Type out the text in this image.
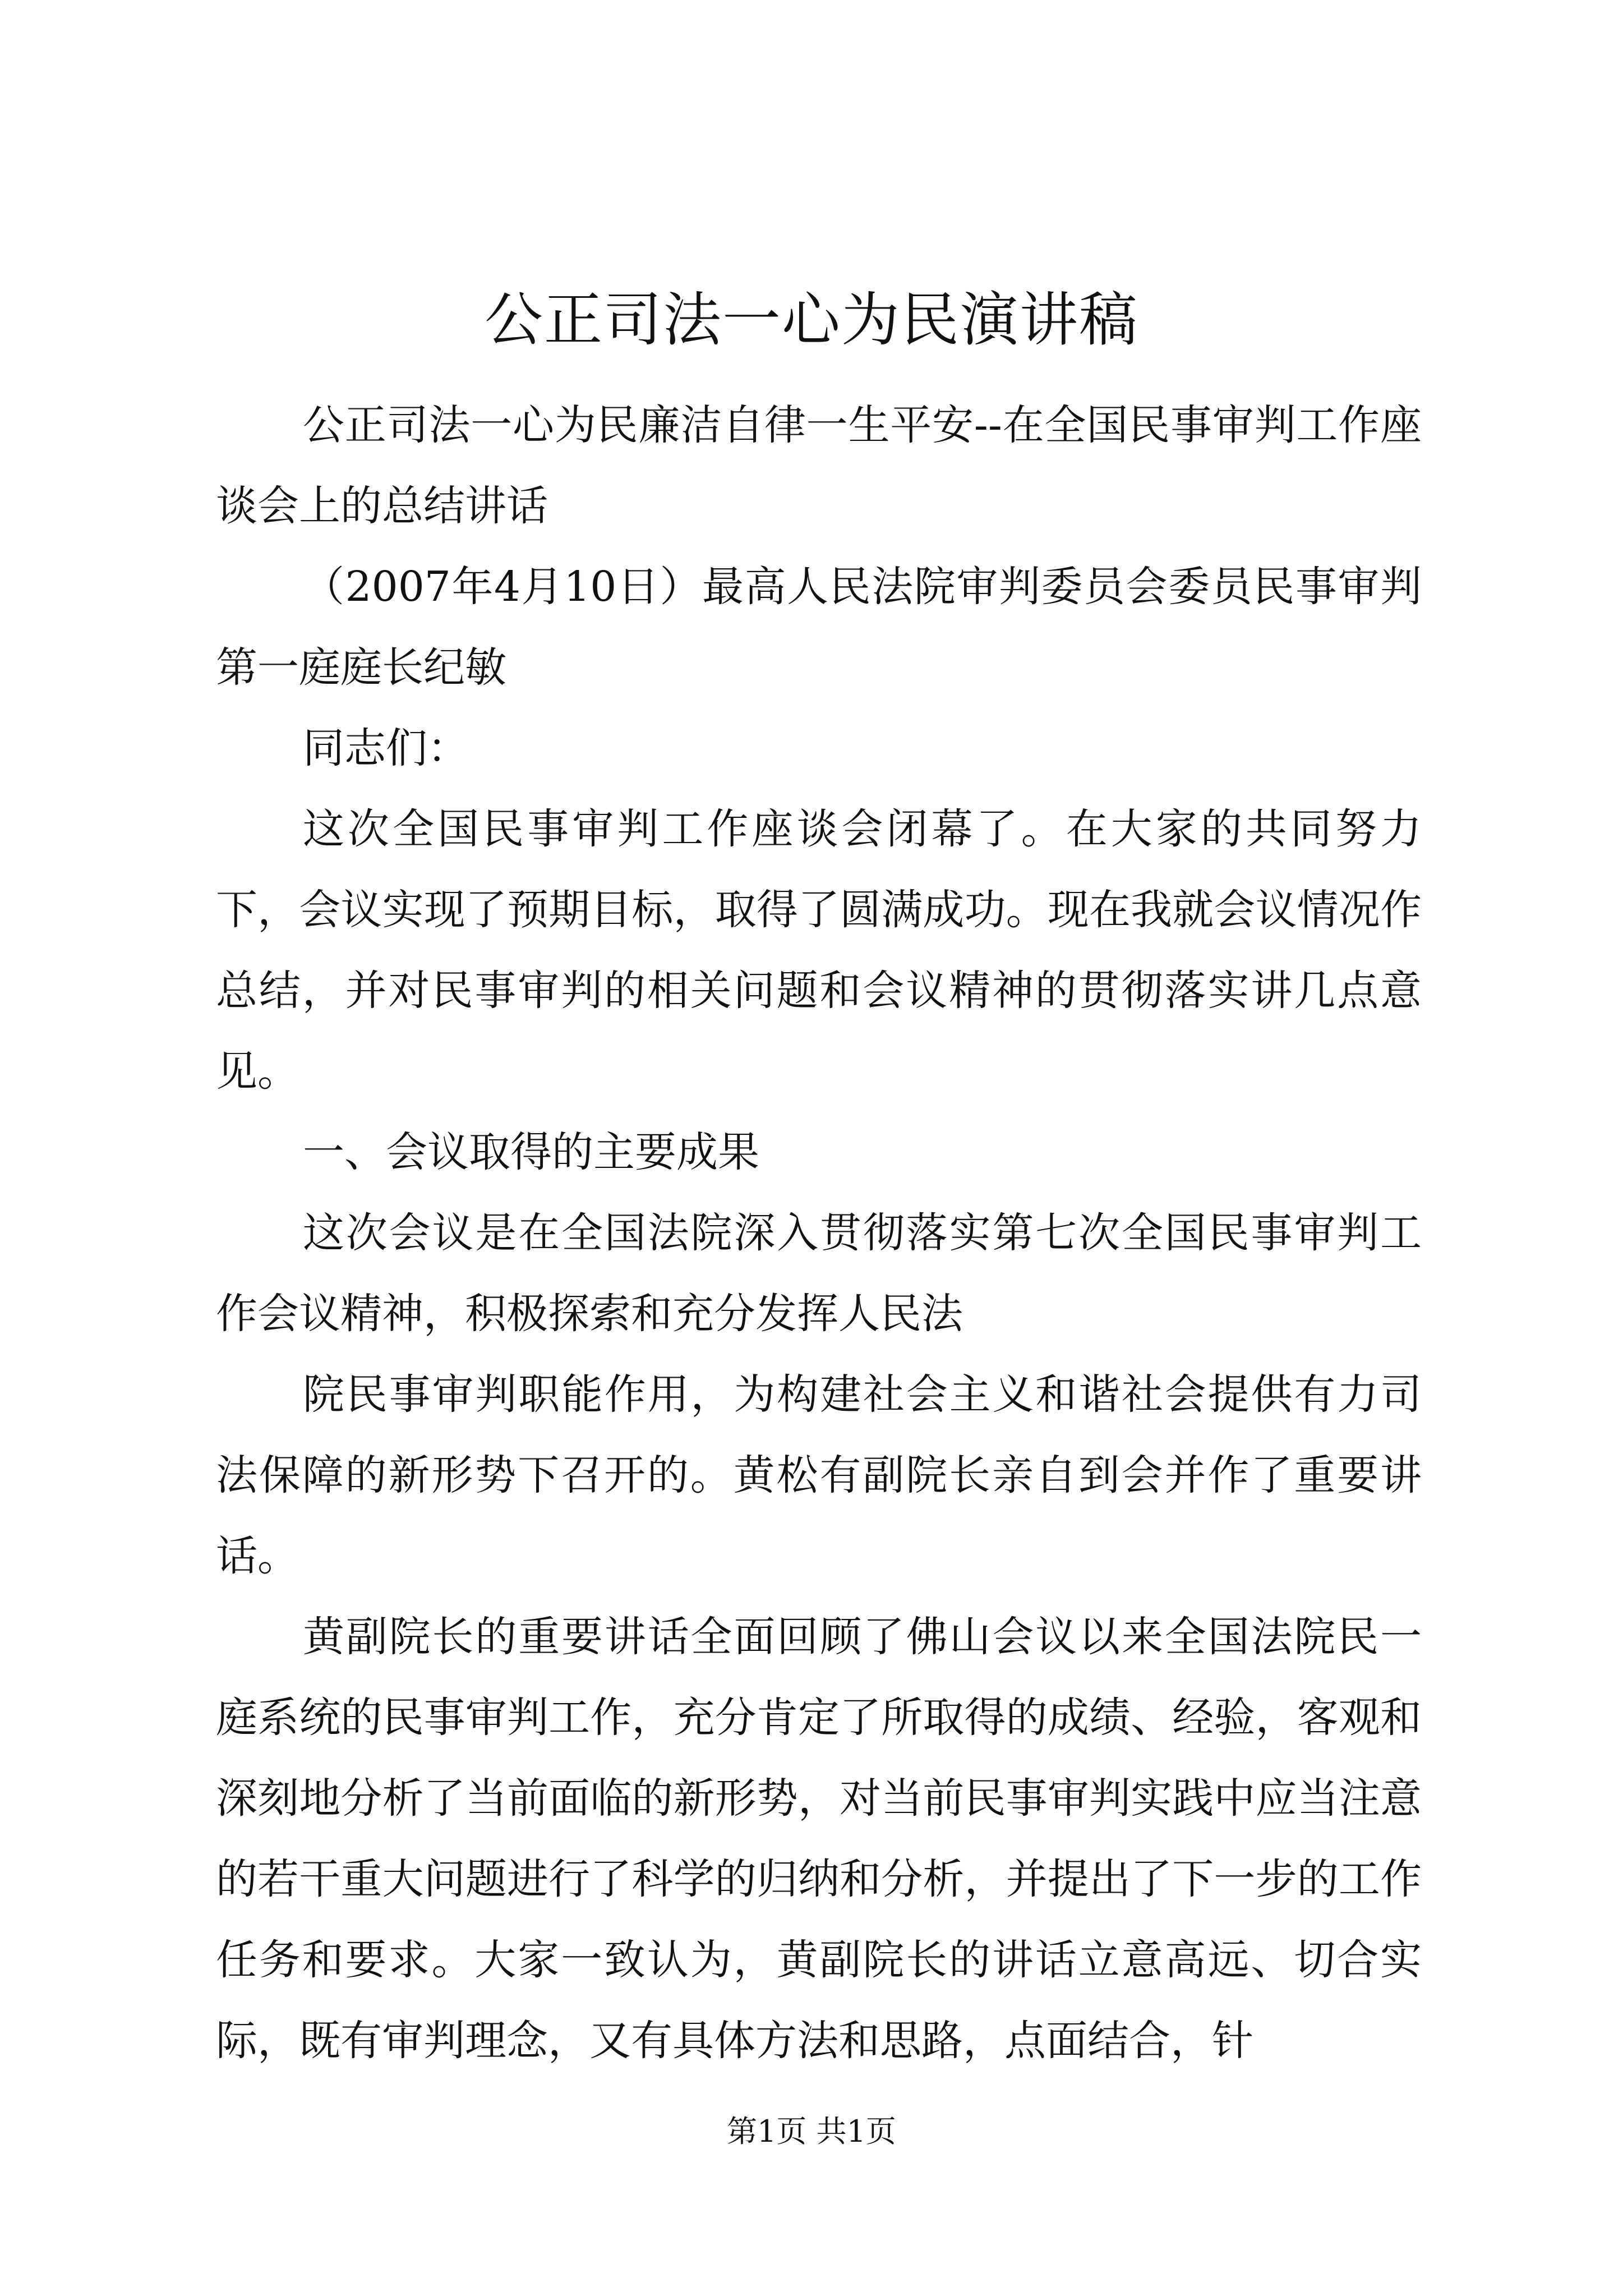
公正司法一心为民演讲稿

公正司法一心为民廉洁自律一生平安--在全国民事审判工作座谈会上的总结讲话

（2007年4月10日）最高人民法院审判委员会委员民事审判第一庭庭长纪敏

同志们：

这次全国民事审判工作座谈会闭幕了。在大家的共同努力下，会议实现了预期目标，取得了圆满成功。现在我就会议情况作总结，并对民事审判的相关问题和会议精神的贯彻落实讲几点意见。

一、会议取得的主要成果

这次会议是在全国法院深入贯彻落实第七次全国民事审判工作会议精神，积极探索和充分发挥人民法

院民事审判职能作用，为构建社会主义和谐社会提供有力司法保障的新形势下召开的。黄松有副院长亲自到会并作了重要讲话。

黄副院长的重要讲话全面回顾了佛山会议以来全国法院民一庭系统的民事审判工作，充分肯定了所取得的成绩、经验，客观和深刻地分析了当前面临的新形势，对当前民事审判实践中应当注意的若干重大问题进行了科学的归纳和分析，并提出了下一步的工作任务和要求。大家一致认为，黄副院长的讲话立意高远、切合实际，既有审判理念，又有具体方法和思路，点面结合，针

第1页 共1页
